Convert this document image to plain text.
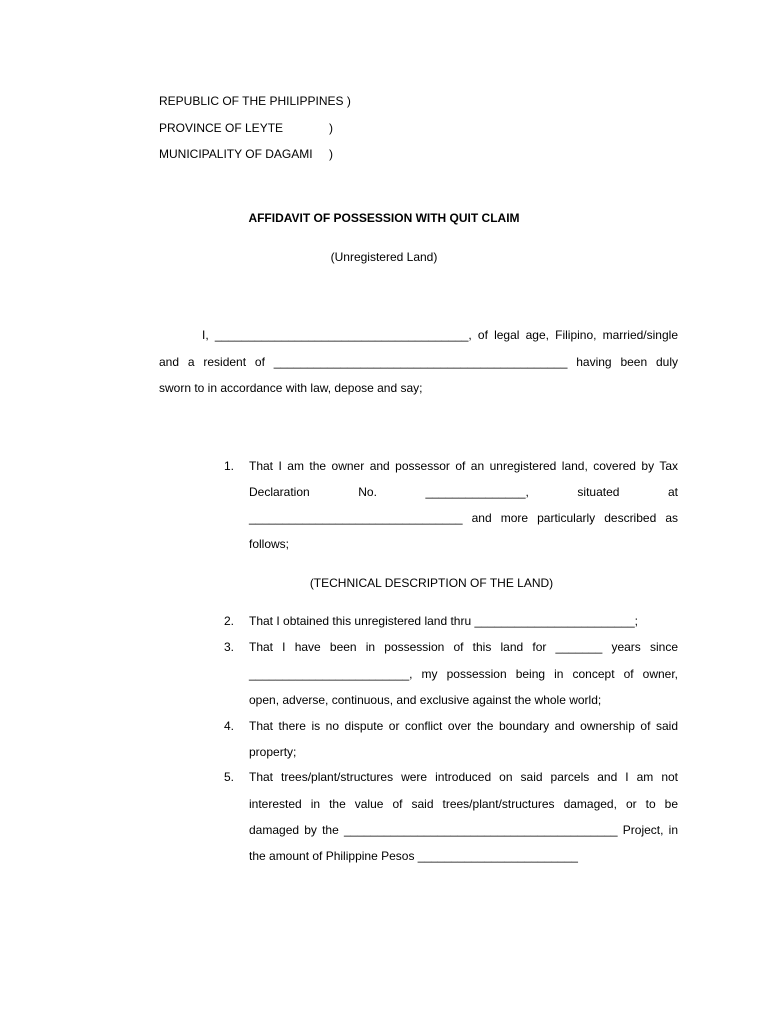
REPUBLIC OF THE PHILIPPINES )
PROVINCE OF LEYTE	)
MUNICIPALITY OF DAGAMI )
AFFIDAVIT OF POSSESSION WITH QUIT CLAIM
(Unregistered Land)
I, ______________________________________, of legal age, Filipino, married/single
and a resident of ____________________________________________ having been duly
sworn to in accordance with law, depose and say;
1. That I am the owner and possessor of an unregistered land, covered by Tax
Declaration No. _______________, situated at
________________________________ and more particularly described as
follows;
(TECHNICAL DESCRIPTION OF THE LAND)
2. That I obtained this unregistered land thru ________________________;
3. That I have been in possession of this land for _______ years since
________________________, my possession being in concept of owner,
open, adverse, continuous, and exclusive against the whole world;
4. That there is no dispute or conflict over the boundary and ownership of said
property;
5. That trees/plant/structures were introduced on said parcels and I am not
interested in the value of said trees/plant/structures damaged, or to be
damaged by the _________________________________________ Project, in
the amount of Philippine Pesos ________________________
